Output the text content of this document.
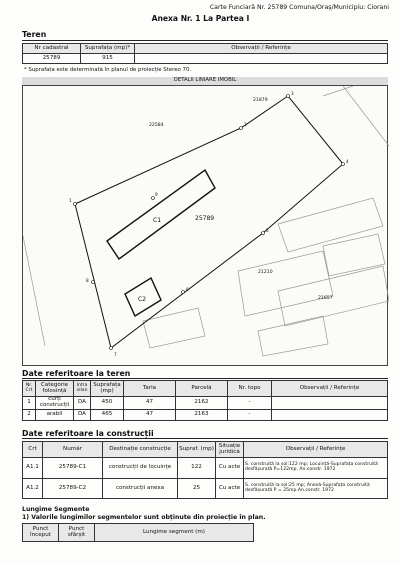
Carte Funciară Nr. 25789 Comuna/Oraș/Municipiu: Ciorani
Anexa Nr. 1 La Partea I
Teren
Nr cadastral	Suprafața (mp)*	Observații / Referințe
25789	915	
* Suprafața este determinată în planul de proiecție Stereo 70.
DETALII LINIARE IMOBIL
1
2
3
4
5
6
7
8
9
22584
21879
21210
21657
25789
C1
C2
Date referitoare la teren
Nr. Crt	Categorie folosință	Intra vilan	Suprafața (mp)	Tarla	Parcelă	Nr. topo	Observații / Referințe
1	curți construcții	DA	450	47	2162	-	
2	arabil	DA	465	47	2163	-	
Date referitoare la construcții
Crt	Număr	Destinație construcție	Supraf. (mp)	Situație juridică	Observații / Referințe
A1.1	25789-C1	construcții de locuințe	122	Cu acte	S. construită la sol:122 mp; Locuință-Suprafața construită desfășurată P=122mp. An.constr. 1972
A1.2	25789-C2	construcții anexa	25	Cu acte	S. construită la sol:25 mp; Anexă-Suprafața construită desfășurată P = 25mp.An.constr. 1972
Lungime Segmente
1) Valorile lungimilor segmentelor sunt obținute din proiecție în plan.
Punct început	Punct sfârșit	Lungime segment (m)
